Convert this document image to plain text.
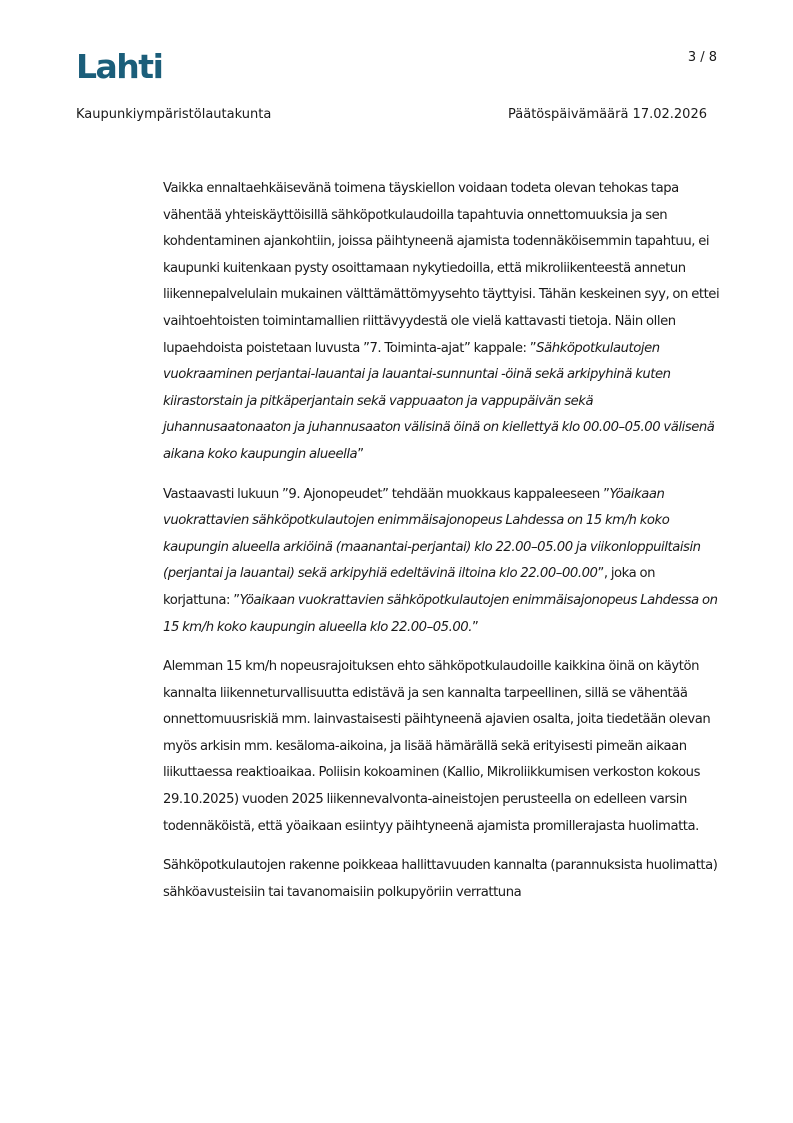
Lahti	3 / 8
Kaupunkiympäristölautakunta	Päätöspäivämäärä 17.02.2026

Vaikka ennaltaehkäisevänä toimena täyskiellon voidaan todeta olevan tehokas tapa vähentää yhteiskäyttöisillä sähköpotkulaudoilla tapahtuvia onnettomuuksia ja sen kohdentaminen ajankohtiin, joissa päihtyneenä ajamista todennäköisemmin tapahtuu, ei kaupunki kuitenkaan pysty osoittamaan nykytiedoilla, että mikroliikenteestä annetun liikennepalvelulain mukainen välttämättömyysehto täyttyisi. Tähän keskeinen syy, on ettei vaihtoehtoisten toimintamallien riittävyydestä ole vielä kattavasti tietoja. Näin ollen lupaehdoista poistetaan luvusta ”7. Toiminta-ajat” kappale: ”Sähköpotkulautojen vuokraaminen perjantai-lauantai ja lauantai-sunnuntai -öinä sekä arkipyhinä kuten kiirastorstain ja pitkäperjantain sekä vappuaaton ja vappupäivän sekä juhannusaatonaaton ja juhannusaaton välisinä öinä on kiellettyä klo 00.00–05.00 välisenä aikana koko kaupungin alueella”

Vastaavasti lukuun ”9. Ajonopeudet” tehdään muokkaus kappaleeseen ”Yöaikaan vuokrattavien sähköpotkulautojen enimmäisajonopeus Lahdessa on 15 km/h koko kaupungin alueella arkiöinä (maanantai-perjantai) klo 22.00–05.00 ja viikonloppuiltaisin (perjantai ja lauantai) sekä arkipyhiä edeltävinä iltoina klo 22.00–00.00”, joka on korjattuna: ”Yöaikaan vuokrattavien sähköpotkulautojen enimmäisajonopeus Lahdessa on 15 km/h koko kaupungin alueella klo 22.00–05.00.”

Alemman 15 km/h nopeusrajoituksen ehto sähköpotkulaudoille kaikkina öinä on käytön kannalta liikenneturvallisuutta edistävä ja sen kannalta tarpeellinen, sillä se vähentää onnettomuusriskiä mm. lainvastaisesti päihtyneenä ajavien osalta, joita tiedetään olevan myös arkisin mm. kesäloma-aikoina, ja lisää hämärällä sekä erityisesti pimeän aikaan liikuttaessa reaktioaikaa. Poliisin kokoaminen (Kallio, Mikroliikkumisen verkoston kokous 29.10.2025) vuoden 2025 liikennevalvonta-aineistojen perusteella on edelleen varsin todennäköistä, että yöaikaan esiintyy päihtyneenä ajamista promillerajasta huolimatta.

Sähköpotkulautojen rakenne poikkeaa hallittavuuden kannalta (parannuksista huolimatta) sähköavusteisiin tai tavanomaisiin polkupyöriin verrattuna
